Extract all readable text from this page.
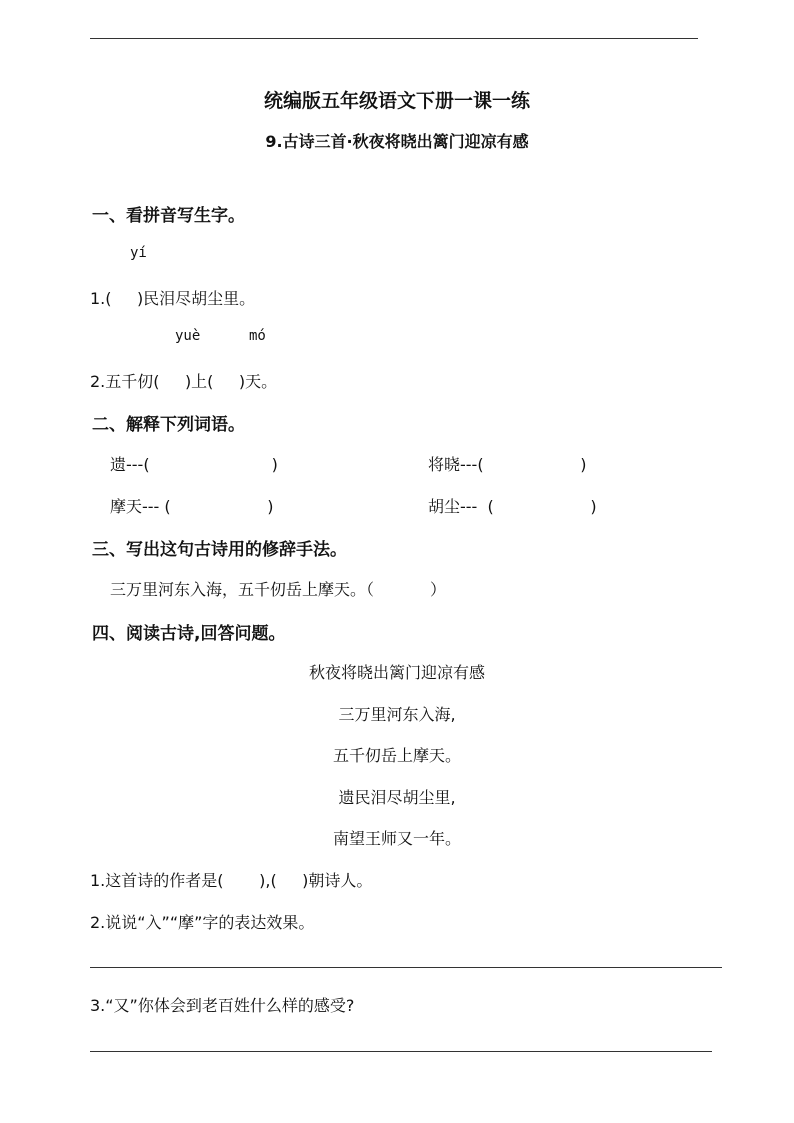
统编版五年级语文下册一课一练
9.古诗三首·秋夜将晓出篱门迎凉有感
一、看拼音写生字。
yí
1.(     )民泪尽胡尘里。
yuè	mó
2.五千仞(     )上(     )天。
二、解释下列词语。
遗---(                        )	将晓---(                   )
摩天--- (                   )	胡尘---  (                   )
三、写出这句古诗用的修辞手法。
三万里河东入海，五千仞岳上摩天。（           ）
四、阅读古诗,回答问题。
秋夜将晓出篱门迎凉有感
三万里河东入海,
五千仞岳上摩天。
遗民泪尽胡尘里,
南望王师又一年。
1.这首诗的作者是(       ),(     )朝诗人。
2.说说“入”“摩”字的表达效果。
3.“又”你体会到老百姓什么样的感受?
